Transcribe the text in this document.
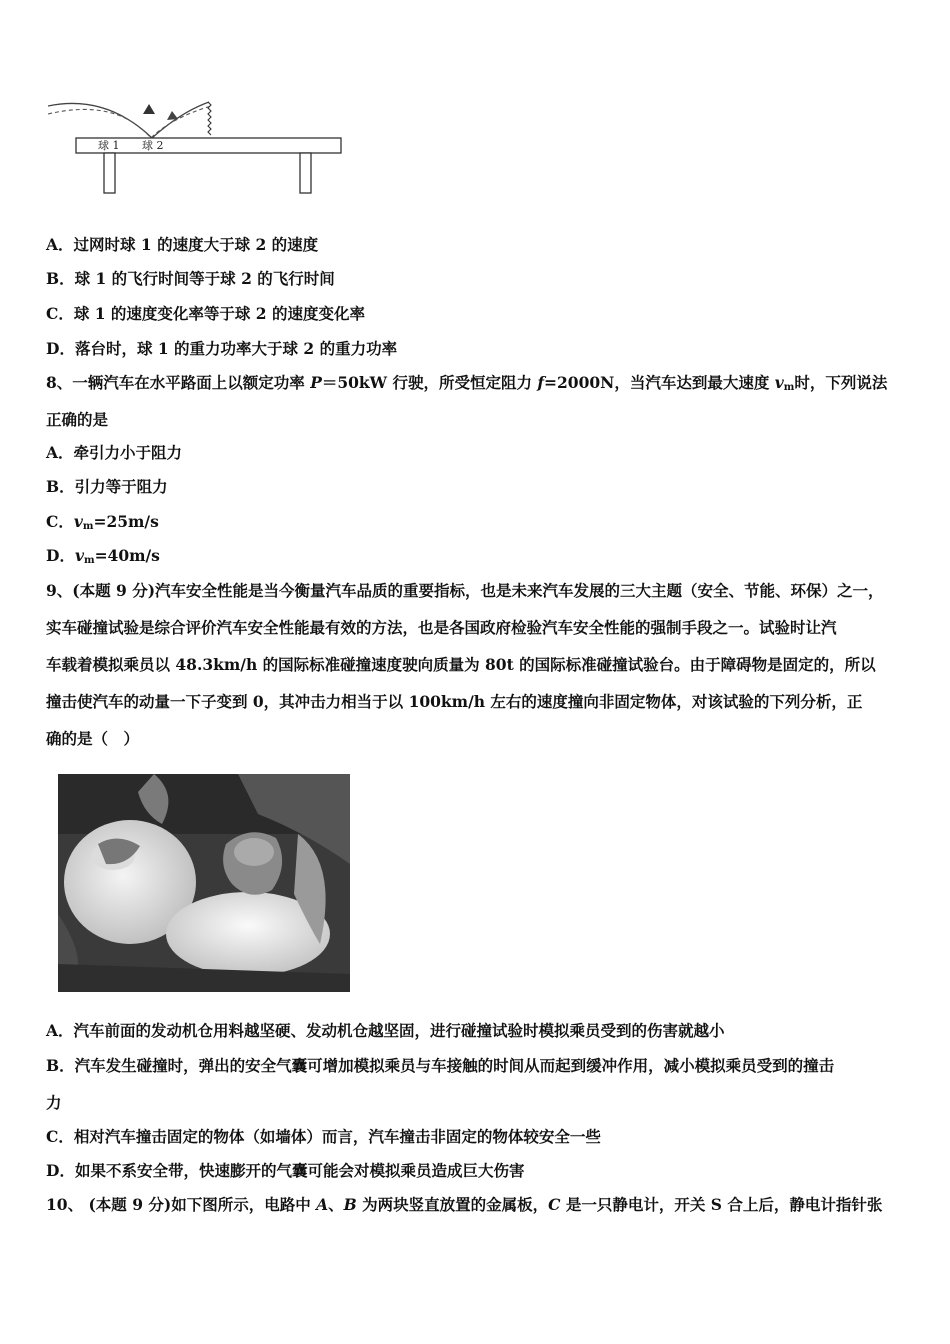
球 1 球 2
A．过网时球 1 的速度大于球 2 的速度
B．球 1 的飞行时间等于球 2 的飞行时间
C．球 1 的速度变化率等于球 2 的速度变化率
D．落台时，球 1 的重力功率大于球 2 的重力功率
8、一辆汽车在水平路面上以额定功率 P＝50kW 行驶，所受恒定阻力 f=2000N，当汽车达到最大速度 $v_m$时，下列说法
正确的是
A．牵引力小于阻力
B．引力等于阻力
C．$v_m=25m/s$
D．$v_m=40m/s$
9、(本题 9 分)汽车安全性能是当今衡量汽车品质的重要指标，也是未来汽车发展的三大主题（安全、节能、环保）之一，
实车碰撞试验是综合评价汽车安全性能最有效的方法，也是各国政府检验汽车安全性能的强制手段之一。试验时让汽
车载着模拟乘员以 48.3km/h 的国际标准碰撞速度驶向质量为 80t 的国际标准碰撞试验台。由于障碍物是固定的，所以
撞击使汽车的动量一下子变到 0，其冲击力相当于以 100km/h 左右的速度撞向非固定物体，对该试验的下列分析，正
确的是（　）
A．汽车前面的发动机仓用料越坚硬、发动机仓越坚固，进行碰撞试验时模拟乘员受到的伤害就越小
B．汽车发生碰撞时，弹出的安全气囊可增加模拟乘员与车接触的时间从而起到缓冲作用，减小模拟乘员受到的撞击
力
C．相对汽车撞击固定的物体（如墙体）而言，汽车撞击非固定的物体较安全一些
D．如果不系安全带，快速膨开的气囊可能会对模拟乘员造成巨大伤害
10、 (本题 9 分)如下图所示，电路中 A、B 为两块竖直放置的金属板，C 是一只静电计，开关 S 合上后，静电计指针张
